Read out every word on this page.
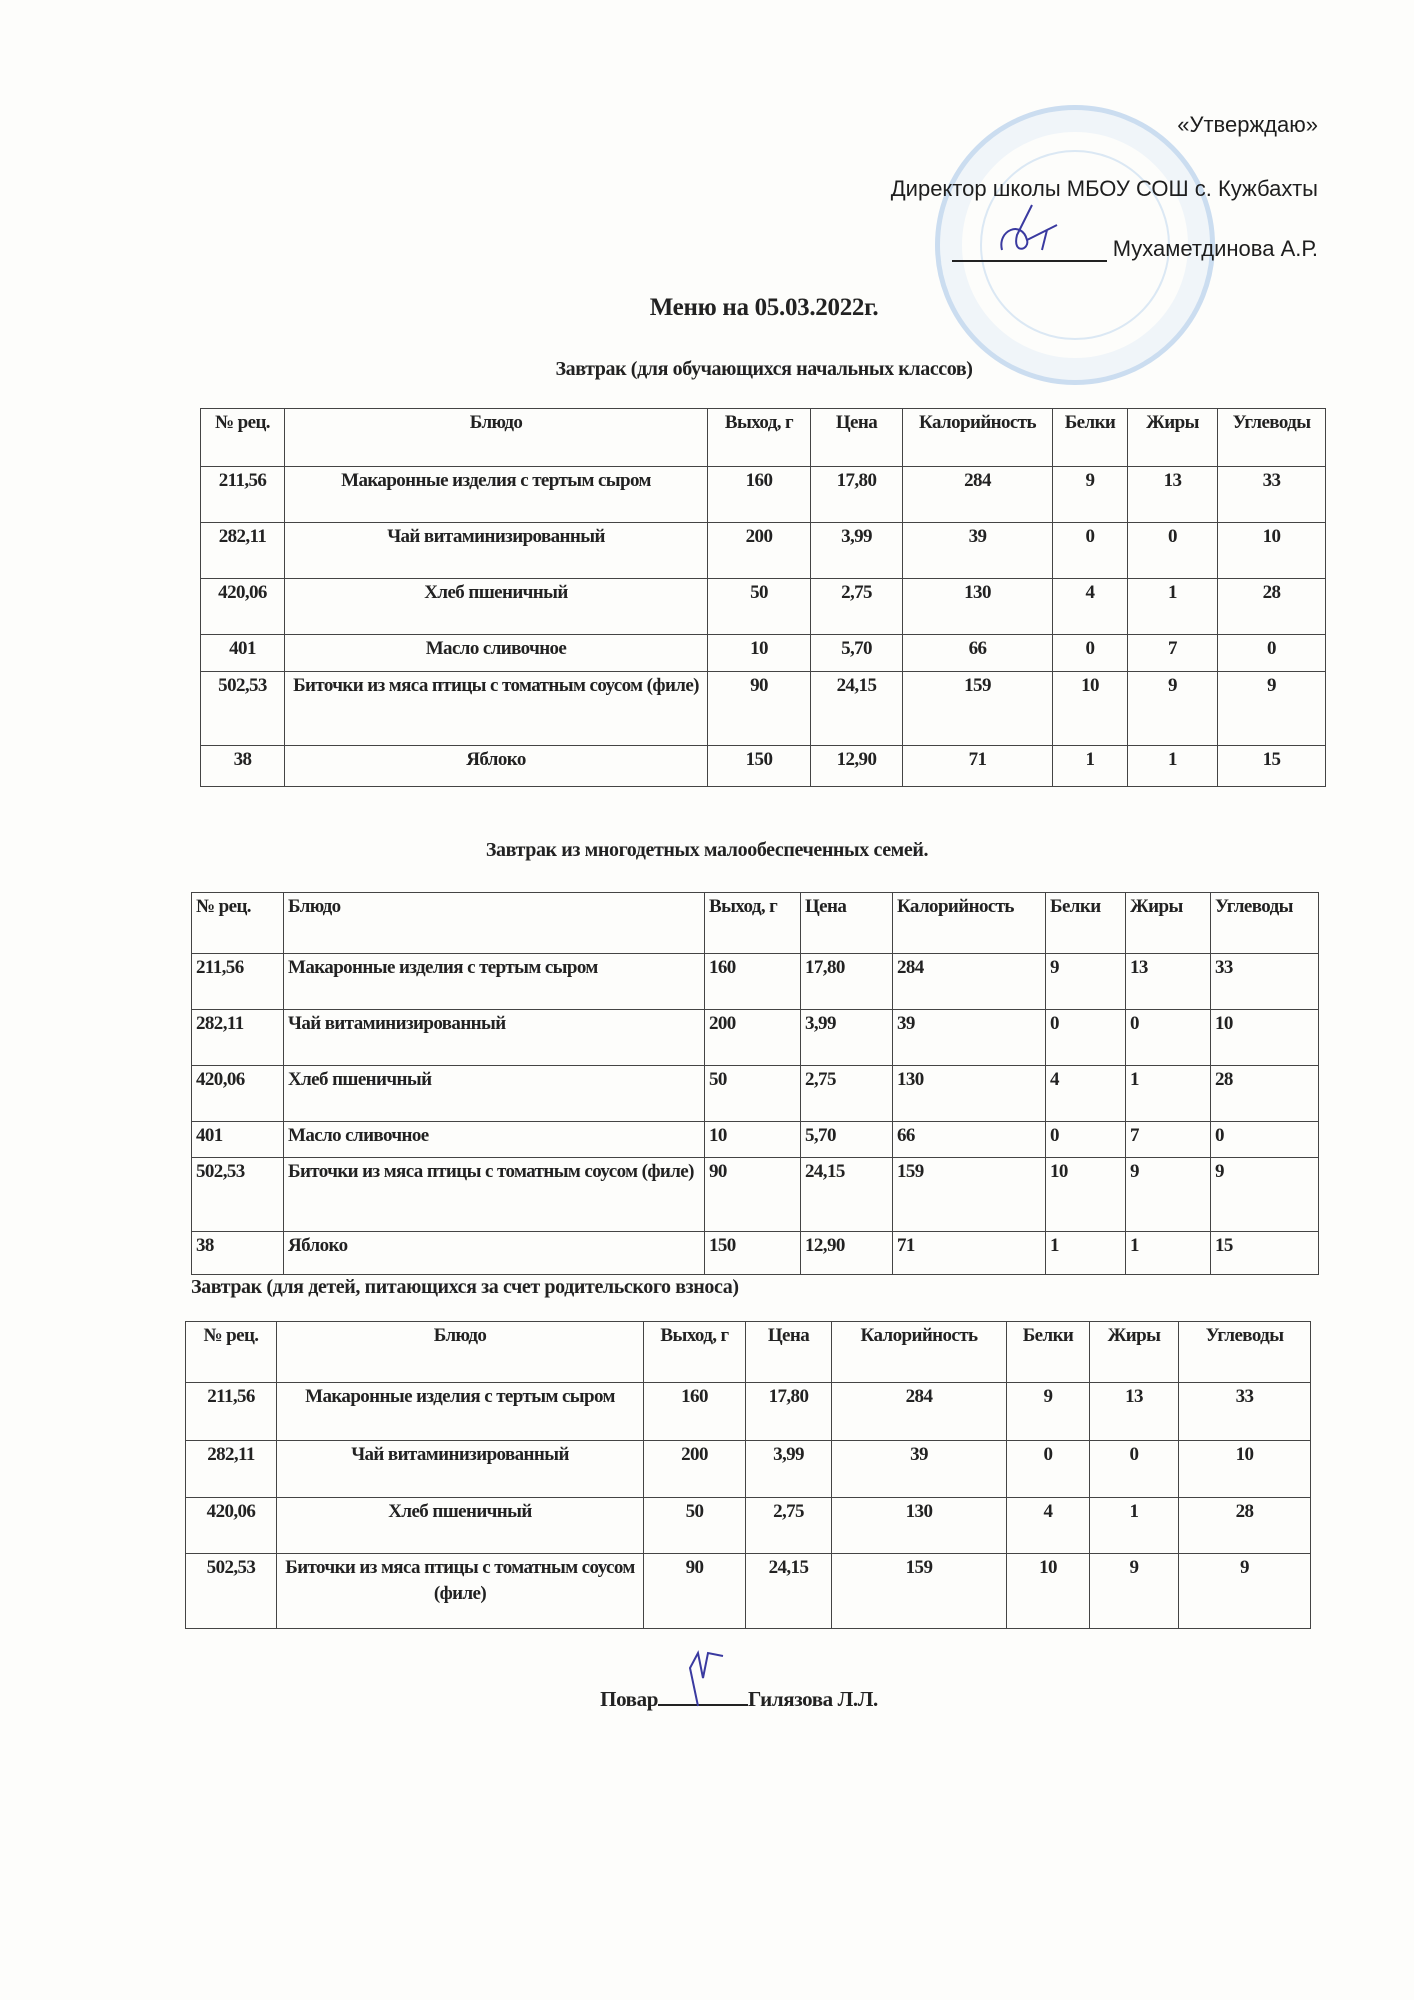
«Утверждаю»
Директор школы МБОУ СОШ с. Кужбахты
Мухаметдинова А.Р.
Меню на 05.03.2022г.
Завтрак (для обучающихся начальных классов)
№ рец.	Блюдо	Выход, г	Цена	Калорийность	Белки	Жиры	Углеводы
211,56	Макаронные изделия с тертым сыром	160	17,80	284	9	13	33
282,11	Чай витаминизированный	200	3,99	39	0	0	10
420,06	Хлеб пшеничный	50	2,75	130	4	1	28
401	Масло сливочное	10	5,70	66	0	7	0
502,53	Биточки из мяса птицы с томатным соусом (филе)	90	24,15	159	10	9	9
38	Яблоко	150	12,90	71	1	1	15
Завтрак из многодетных малообеспеченных семей.
№ рец.	Блюдо	Выход, г	Цена	Калорийность	Белки	Жиры	Углеводы
211,56	Макаронные изделия с тертым сыром	160	17,80	284	9	13	33
282,11	Чай витаминизированный	200	3,99	39	0	0	10
420,06	Хлеб пшеничный	50	2,75	130	4	1	28
401	Масло сливочное	10	5,70	66	0	7	0
502,53	Биточки из мяса птицы с томатным соусом (филе)	90	24,15	159	10	9	9
38	Яблоко	150	12,90	71	1	1	15
Завтрак (для детей, питающихся за счет родительского взноса)
№ рец.	Блюдо	Выход, г	Цена	Калорийность	Белки	Жиры	Углеводы
211,56	Макаронные изделия с тертым сыром	160	17,80	284	9	13	33
282,11	Чай витаминизированный	200	3,99	39	0	0	10
420,06	Хлеб пшеничный	50	2,75	130	4	1	28
502,53	Биточки из мяса птицы с томатным соусом (филе)	90	24,15	159	10	9	9
Повар	Гилязова Л.Л.
